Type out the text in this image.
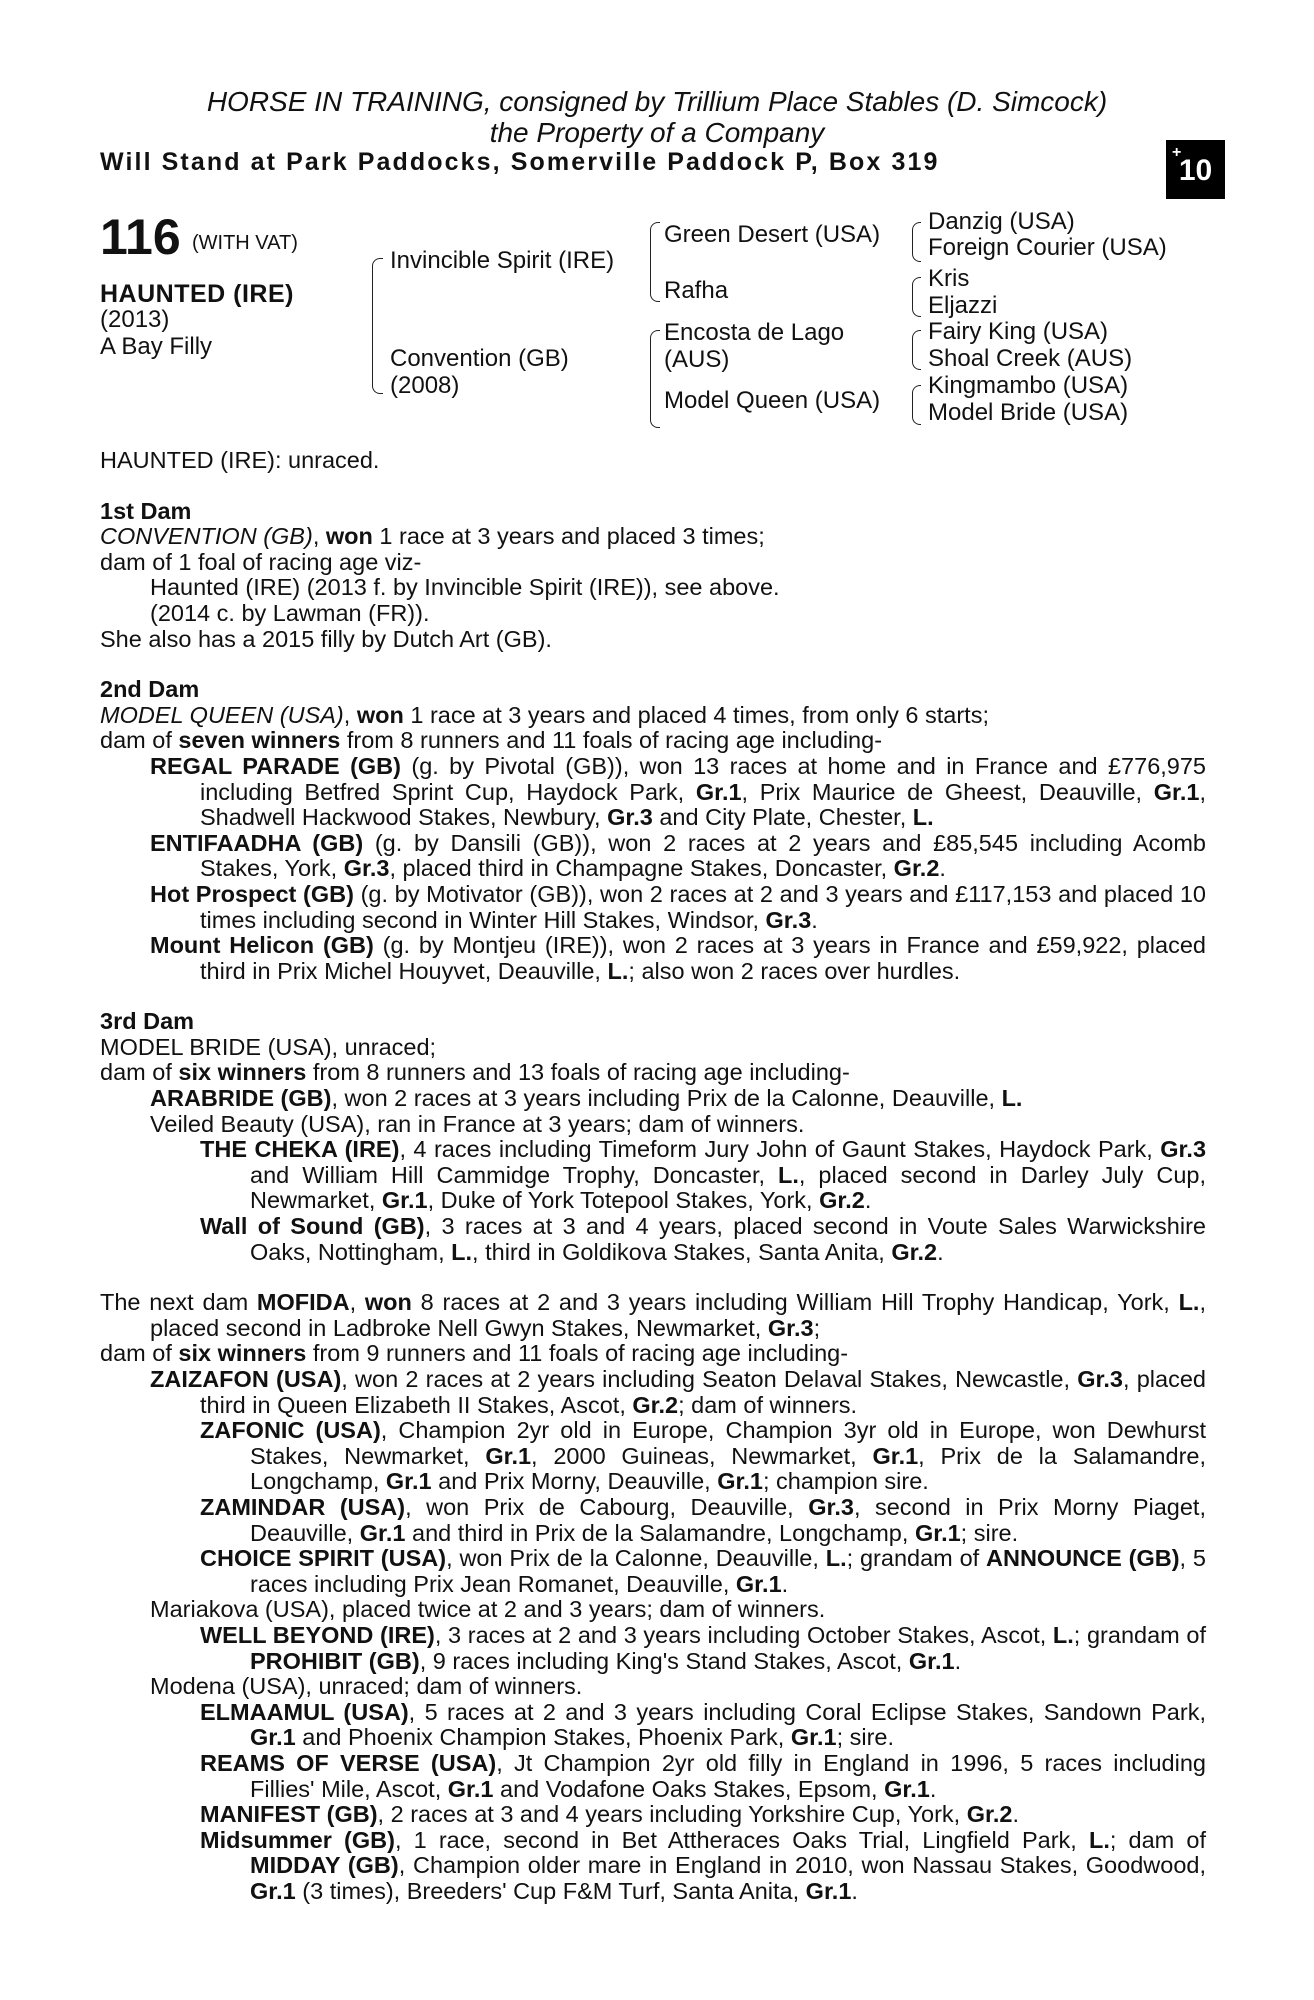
HORSE IN TRAINING, consigned by Trillium Place Stables (D. Simcock)
the Property of a Company
Will Stand at Park Paddocks, Somerville Paddock P, Box 319	+
10
116 (WITH VAT)
HAUNTED (IRE)
(2013)
A Bay Filly
Invincible Spirit (IRE)
Convention (GB)
(2008)
Green Desert (USA)
Rafha
Encosta de Lago
(AUS)
Model Queen (USA)
Danzig (USA)
Foreign Courier (USA)
Kris
Eljazzi
Fairy King (USA)
Shoal Creek (AUS)
Kingmambo (USA)
Model Bride (USA)

HAUNTED (IRE): unraced.

1st Dam

CONVENTION (GB), won 1 race at 3 years and placed 3 times;

dam of 1 foal of racing age viz-

Haunted (IRE) (2013 f. by Invincible Spirit (IRE)), see above.

(2014 c. by Lawman (FR)).

She also has a 2015 filly by Dutch Art (GB).

2nd Dam

MODEL QUEEN (USA), won 1 race at 3 years and placed 4 times, from only 6 starts;

dam of seven winners from 8 runners and 11 foals of racing age including-

REGAL PARADE (GB) (g. by Pivotal (GB)), won 13 races at home and in France and £776,975 including Betfred Sprint Cup, Haydock Park, Gr.1, Prix Maurice de Gheest, Deauville, Gr.1, Shadwell Hackwood Stakes, Newbury, Gr.3 and City Plate, Chester, L.

ENTIFAADHA (GB) (g. by Dansili (GB)), won 2 races at 2 years and £85,545 including Acomb Stakes, York, Gr.3, placed third in Champagne Stakes, Doncaster, Gr.2.

Hot Prospect (GB) (g. by Motivator (GB)), won 2 races at 2 and 3 years and £117,153 and placed 10 times including second in Winter Hill Stakes, Windsor, Gr.3.

Mount Helicon (GB) (g. by Montjeu (IRE)), won 2 races at 3 years in France and £59,922, placed third in Prix Michel Houyvet, Deauville, L.; also won 2 races over hurdles.

3rd Dam

MODEL BRIDE (USA), unraced;

dam of six winners from 8 runners and 13 foals of racing age including-

ARABRIDE (GB), won 2 races at 3 years including Prix de la Calonne, Deauville, L.

Veiled Beauty (USA), ran in France at 3 years; dam of winners.

THE CHEKA (IRE), 4 races including Timeform Jury John of Gaunt Stakes, Haydock Park, Gr.3 and William Hill Cammidge Trophy, Doncaster, L., placed second in Darley July Cup, Newmarket, Gr.1, Duke of York Totepool Stakes, York, Gr.2.

Wall of Sound (GB), 3 races at 3 and 4 years, placed second in Voute Sales Warwickshire Oaks, Nottingham, L., third in Goldikova Stakes, Santa Anita, Gr.2.

The next dam MOFIDA, won 8 races at 2 and 3 years including William Hill Trophy Handicap, York, L., placed second in Ladbroke Nell Gwyn Stakes, Newmarket, Gr.3;

dam of six winners from 9 runners and 11 foals of racing age including-

ZAIZAFON (USA), won 2 races at 2 years including Seaton Delaval Stakes, Newcastle, Gr.3, placed third in Queen Elizabeth II Stakes, Ascot, Gr.2; dam of winners.

ZAFONIC (USA), Champion 2yr old in Europe, Champion 3yr old in Europe, won Dewhurst Stakes, Newmarket, Gr.1, 2000 Guineas, Newmarket, Gr.1, Prix de la Salamandre, Longchamp, Gr.1 and Prix Morny, Deauville, Gr.1; champion sire.

ZAMINDAR (USA), won Prix de Cabourg, Deauville, Gr.3, second in Prix Morny Piaget, Deauville, Gr.1 and third in Prix de la Salamandre, Longchamp, Gr.1; sire.

CHOICE SPIRIT (USA), won Prix de la Calonne, Deauville, L.; grandam of ANNOUNCE (GB), 5 races including Prix Jean Romanet, Deauville, Gr.1.

Mariakova (USA), placed twice at 2 and 3 years; dam of winners.

WELL BEYOND (IRE), 3 races at 2 and 3 years including October Stakes, Ascot, L.; grandam of PROHIBIT (GB), 9 races including King's Stand Stakes, Ascot, Gr.1.

Modena (USA), unraced; dam of winners.

ELMAAMUL (USA), 5 races at 2 and 3 years including Coral Eclipse Stakes, Sandown Park, Gr.1 and Phoenix Champion Stakes, Phoenix Park, Gr.1; sire.

REAMS OF VERSE (USA), Jt Champion 2yr old filly in England in 1996, 5 races including Fillies' Mile, Ascot, Gr.1 and Vodafone Oaks Stakes, Epsom, Gr.1.

MANIFEST (GB), 2 races at 3 and 4 years including Yorkshire Cup, York, Gr.2.

Midsummer (GB), 1 race, second in Bet Attheraces Oaks Trial, Lingfield Park, L.; dam of MIDDAY (GB), Champion older mare in England in 2010, won Nassau Stakes, Goodwood, Gr.1 (3 times), Breeders' Cup F&M Turf, Santa Anita, Gr.1.
